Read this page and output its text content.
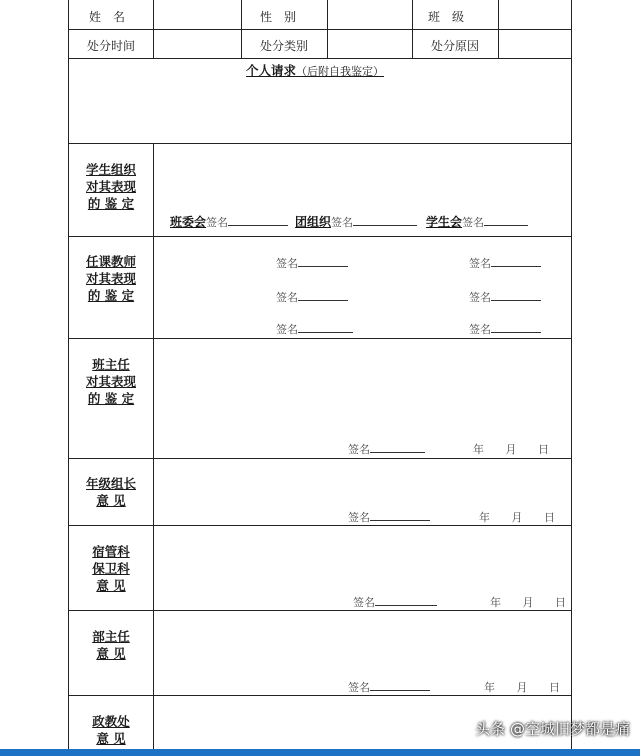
姓　名	性　别	班　级
处分时间	处分类别	处分原因
个人请求（后附自我鉴定）
学生组织
对其表现
的 鉴 定
班委会签名	团组织签名	学生会签名
任课教师
对其表现
的 鉴 定
签名	签名
签名	签名
签名	签名
班主任
对其表现
的 鉴 定
签名	年 月 日
年级组长
意 见
签名	年 月 日
宿管科
保卫科
意 见
签名	年 月 日
部主任
意 见
签名	年 月 日
政教处
意 见
头条 @空城旧梦都是痛
